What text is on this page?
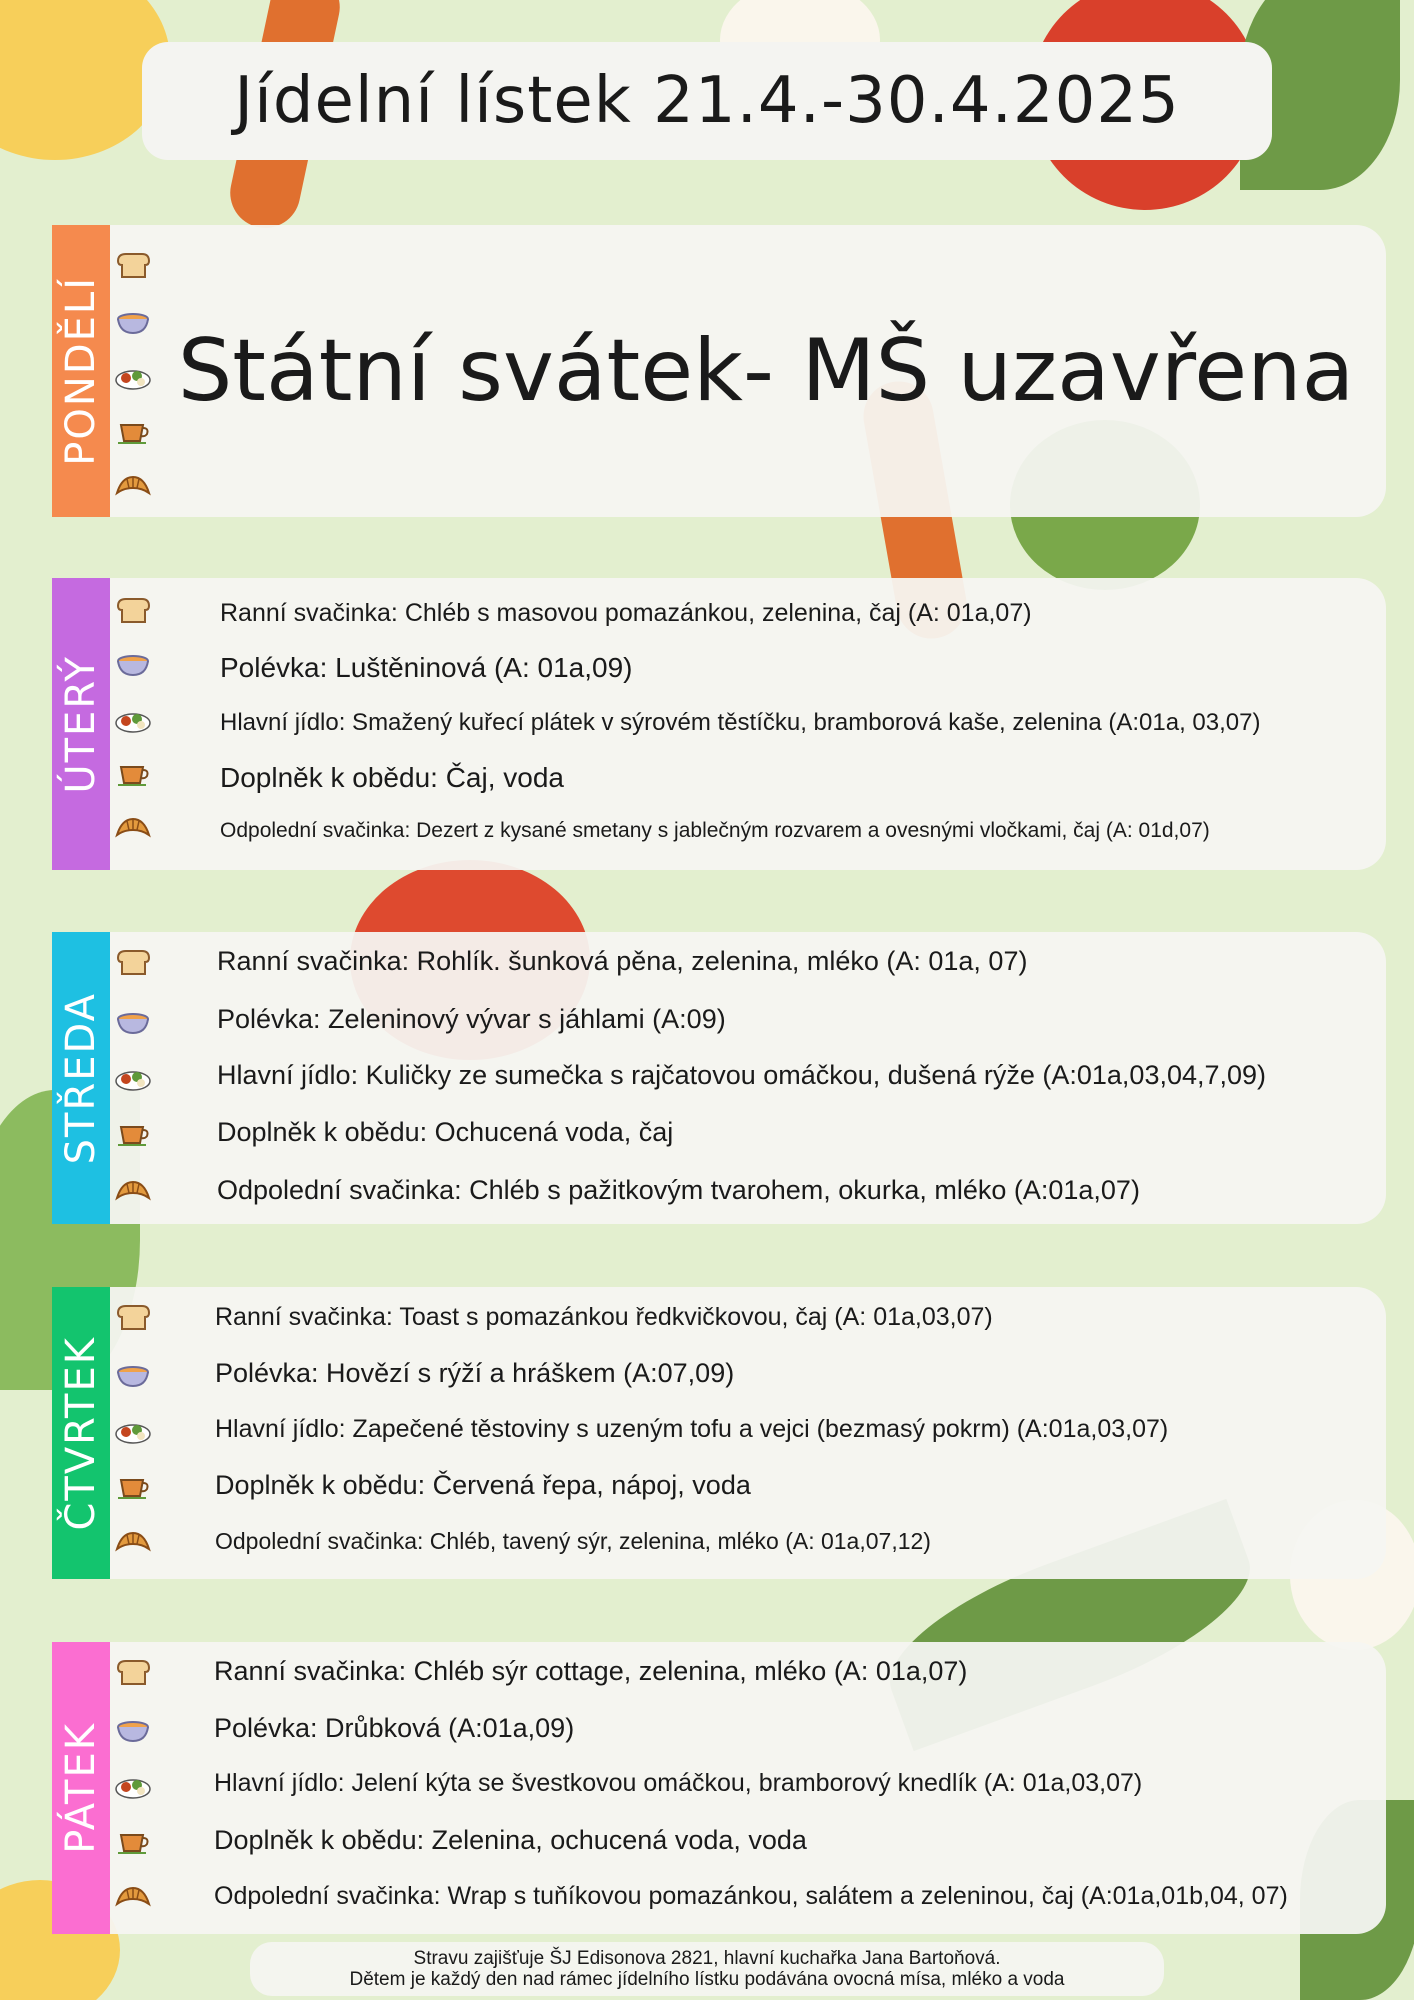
Jídelní lístek 21.4.-30.4.2025
PONDĚLÍ Státní svátek- MŠ uzavřena
ÚTERÝ
Ranní svačinka: Chléb s masovou pomazánkou, zelenina, čaj (A: 01a,07)
Polévka: Luštěninová (A: 01a,09)
Hlavní jídlo: Smažený kuřecí plátek v sýrovém těstíčku, bramborová kaše, zelenina (A:01a, 03,07)
Doplněk k obědu: Čaj, voda
Odpolední svačinka: Dezert z kysané smetany s jablečným rozvarem a ovesnými vločkami, čaj (A: 01d,07)
STŘEDA
Ranní svačinka: Rohlík. šunková pěna, zelenina, mléko (A: 01a, 07)
Polévka: Zeleninový vývar s jáhlami (A:09)
Hlavní jídlo: Kuličky ze sumečka s rajčatovou omáčkou, dušená rýže (A:01a,03,04,7,09)
Doplněk k obědu: Ochucená voda, čaj
Odpolední svačinka: Chléb s pažitkovým tvarohem, okurka, mléko (A:01a,07)
ČTVRTEK
Ranní svačinka: Toast s pomazánkou ředkvičkovou, čaj (A: 01a,03,07)
Polévka: Hovězí s rýží a hráškem (A:07,09)
Hlavní jídlo: Zapečené těstoviny s uzeným tofu a vejci (bezmasý pokrm) (A:01a,03,07)
Doplněk k obědu: Červená řepa, nápoj, voda
Odpolední svačinka: Chléb, tavený sýr, zelenina, mléko (A: 01a,07,12)
PÁTEK
Ranní svačinka: Chléb sýr cottage, zelenina, mléko (A: 01a,07)
Polévka: Drůbková (A:01a,09)
Hlavní jídlo: Jelení kýta se švestkovou omáčkou, bramborový knedlík (A: 01a,03,07)
Doplněk k obědu: Zelenina, ochucená voda, voda
Odpolední svačinka: Wrap s tuňíkovou pomazánkou, salátem a zeleninou, čaj (A:01a,01b,04, 07)
Stravu zajišťuje ŠJ Edisonova 2821, hlavní kuchařka Jana Bartoňová.
Dětem je každý den nad rámec jídelního lístku podávána ovocná mísa, mléko a voda
